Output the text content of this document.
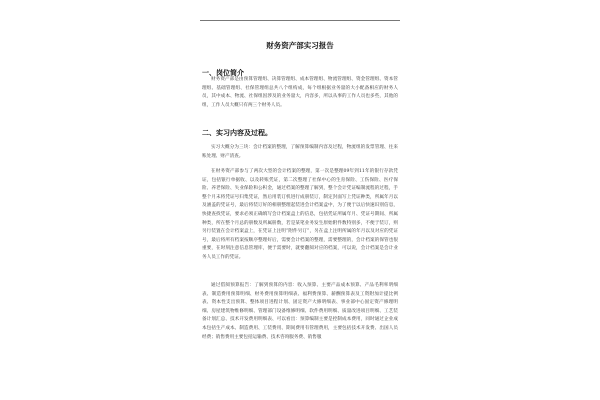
财务资产部实习报告
一、岗位简介

财务资产部是由预算管理组、决算管理组、成本管理组、物流管理组、资金管理组、资本管理组、基础管理组、社保管理组总共八个组构成，每个组根据业务量的大小配备相应的财务人员，其中成本、物流、社保组因涉及的业务量大，内容多，所以从事的工作人员也多些，其他的组，工作人员大概只有两三个财务人员。

二、实习内容及过程。

实习大概分为三块：会计档案的整理，了解预算编制内容及过程，物流组的发票管理、往来账处理、财产清查。

在财务资产部参与了两次大型的会计档案的整理，第一次是整理09年到11年的银行存款凭证，包括银行单据收、以及转账凭证，第二次整理了社保中心的生育保险、工伤保险、医疗保险、养老保险、失业保险和公积金，通过档案的整理了解到，整个会计凭证编制流程的过程，手整个月末将凭证号归集凭证，然后用装订机进行成册装订，制定封面写上凭证种类，所属年月以及涵盖的凭证号，最后将装订好的相册整理起装进会计档案盒中，为了便于以后快速识别信息，快捷查找凭证，要求必须正确填写会计档案盒上的信息，包括凭证所属年月、凭证号期间、所属种类，所在整个月总的册数及所属册数，若是某笔业务发生原始附件数特别多，不便于装订，则另行装置在会计档案盒上，在凭证上注明“附件另订”，另在盒上注明所属的年月以及对应的凭证号，最后将所有档案按顺序整理好后，需要会计档案的整理，需要整理的，会计档案的保管也很重要，在时刻注意信息管理库，便于需要时，就要翻阅对应的档案，可以说，会计档案是会计业务人员工作的凭证。

通过借阅预算报告：了解到预算的内容：收入预算、主要产品成本预算、产品毛利率明细表、制造费用预算明细、财务费用预算明细表、福利费预算、薪酬预算表及工资附加计提比例表、资本性支出预算、整体项目进程计划、固定资产大修明细表、事业部中心固定资产修理明细、房屋建筑物维修明细、管理部门设备维修明细、软件费用明细、质量改进项目明细、工艺装备计划汇总、技术开发费用明细表、可以看出：预算编制主要是控制成本费用，同时通过企业成本包括生产成本、制造费用、工装费用、期间费用有管理费用，主要包括技术开发费、出国人员经费；销售费用主要包括运输费、技术咨询服务费、销售服
